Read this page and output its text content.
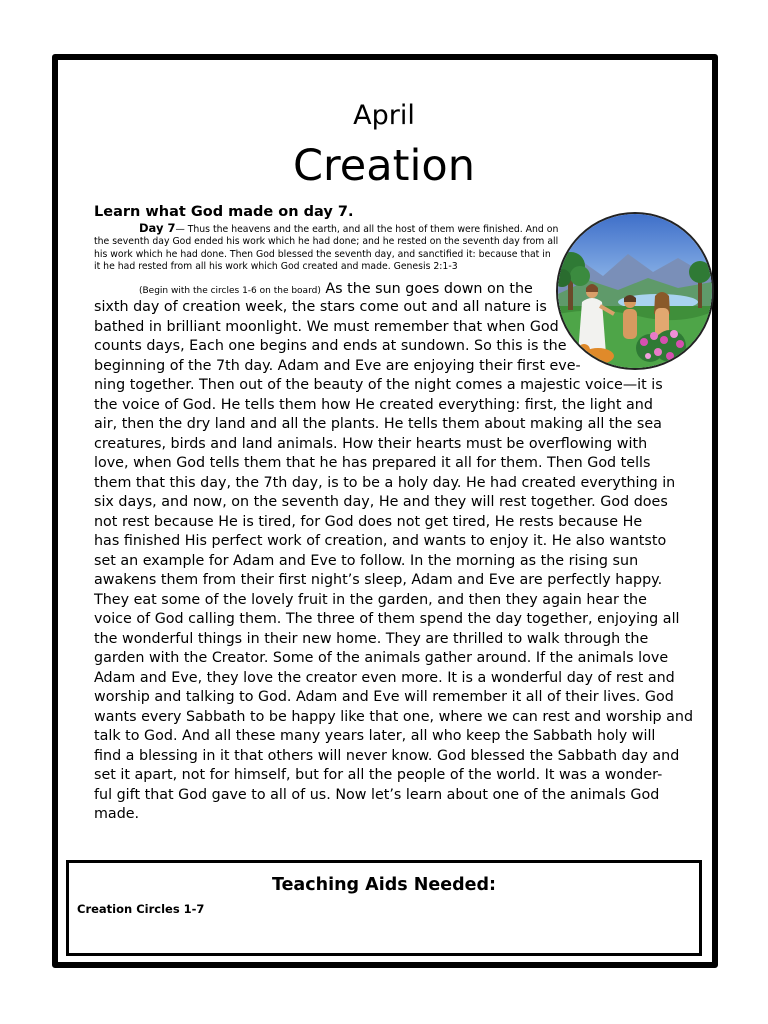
April
Creation
Learn what God made on day 7.
Day 7— Thus the heavens and the earth, and all the host of them were finished. And on
the seventh day God ended his work which he had done; and he rested on the seventh day from all
his work which he had done. Then God blessed the seventh day, and sanctified it: because that in
it he had rested from all his work which God created and made. Genesis 2:1-3
(Begin with the circles 1-6 on the board) As the sun goes down on the
sixth day of creation week, the stars come out and all nature is
bathed in brilliant moonlight. We must remember that when God
counts days, Each one begins and ends at sundown. So this is the
beginning of the 7th day. Adam and Eve are enjoying their first eve-
ning together. Then out of the beauty of the night comes a majestic voice—it is
the voice of God. He tells them how He created everything: first, the light and
air, then the dry land and all the plants. He tells them about making all the sea
creatures, birds and land animals. How their hearts must be overflowing with
love, when God tells them that he has prepared it all for them. Then God tells
them that this day, the 7th day, is to be a holy day. He had created everything in
six days, and now, on the seventh day, He and they will rest together. God does
not rest because He is tired, for God does not get tired, He rests because He
has finished His perfect work of creation, and wants to enjoy it. He also wantsto
set an example for Adam and Eve to follow. In the morning as the rising sun
awakens them from their first night’s sleep, Adam and Eve are perfectly happy.
They eat some of the lovely fruit in the garden, and then they again hear the
voice of God calling them. The three of them spend the day together, enjoying all
the wonderful things in their new home. They are thrilled to walk through the
garden with the Creator. Some of the animals gather around. If the animals love
Adam and Eve, they love the creator even more. It is a wonderful day of rest and
worship and talking to God. Adam and Eve will remember it all of their lives. God
wants every Sabbath to be happy like that one, where we can rest and worship and
talk to God. And all these many years later, all who keep the Sabbath holy will
find a blessing in it that others will never know. God blessed the Sabbath day and
set it apart, not for himself, but for all the people of the world. It was a wonder-
ful gift that God gave to all of us. Now let’s learn about one of the animals God
made.
Teaching Aids Needed:
Creation Circles 1-7
